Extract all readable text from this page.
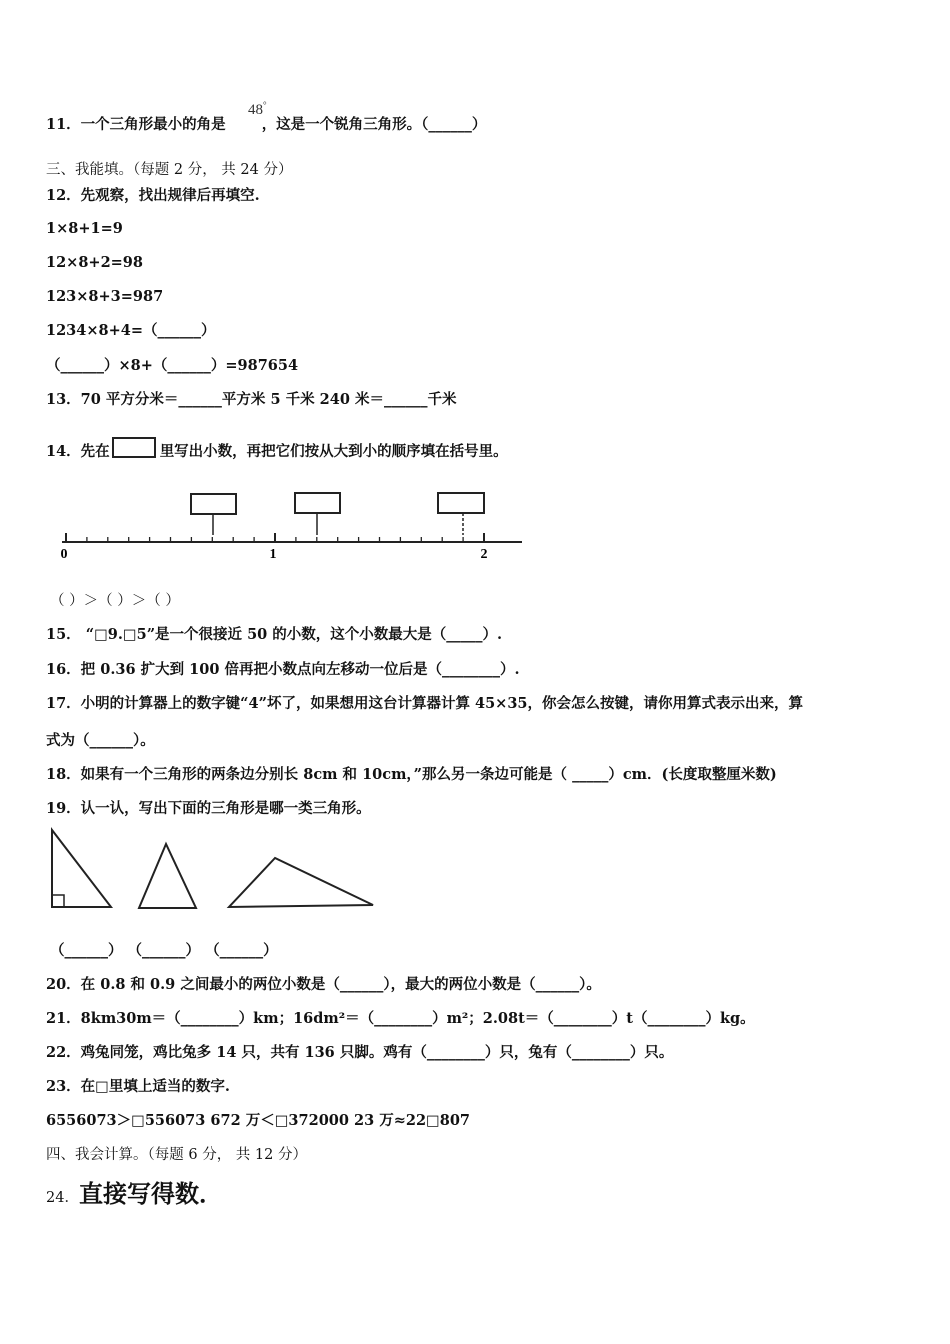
11．一个三角形最小的角是 ，这是一个锐角三角形。（______）
48°
三、我能填。（每题 2 分， 共 24 分）
12．先观察，找出规律后再填空.
1×8+1=9
12×8+2=98
123×8+3=987
1234×8+4=（______）
（______）×8+（______）=987654
13．70 平方分米＝______平方米 5 千米 240 米＝______千米
14．先在	里写出小数，再把它们按从大到小的顺序填在括号里。
0	1	2
（ ）＞（ ）＞（ ）
15． “□9.□5”是一个很接近 50 的小数，这个小数最大是（_____）.
16．把 0.36 扩大到 100 倍再把小数点向左移动一位后是（________）.
17．小明的计算器上的数字键“4”坏了，如果想用这台计算器计算 45×35，你会怎么按键，请你用算式表示出来，算
式为（______）。
18．如果有一个三角形的两条边分别长 8cm 和 10cm，”那么另一条边可能是（ _____）cm．(长度取整厘米数)
19．认一认，写出下面的三角形是哪一类三角形。
（______） （______） （______）
20．在 0.8 和 0.9 之间最小的两位小数是（______），最大的两位小数是（______）。
21．8km30m＝（________）km；16dm²＝（________）m²；2.08t＝（________）t（________）kg。
22．鸡兔同笼，鸡比兔多 14 只，共有 136 只脚。鸡有（________）只，兔有（________）只。
23．在□里填上适当的数字.
6556073＞□556073 672 万＜□372000 23 万≈22□807
四、我会计算。（每题 6 分， 共 12 分）
24．直接写得数．
